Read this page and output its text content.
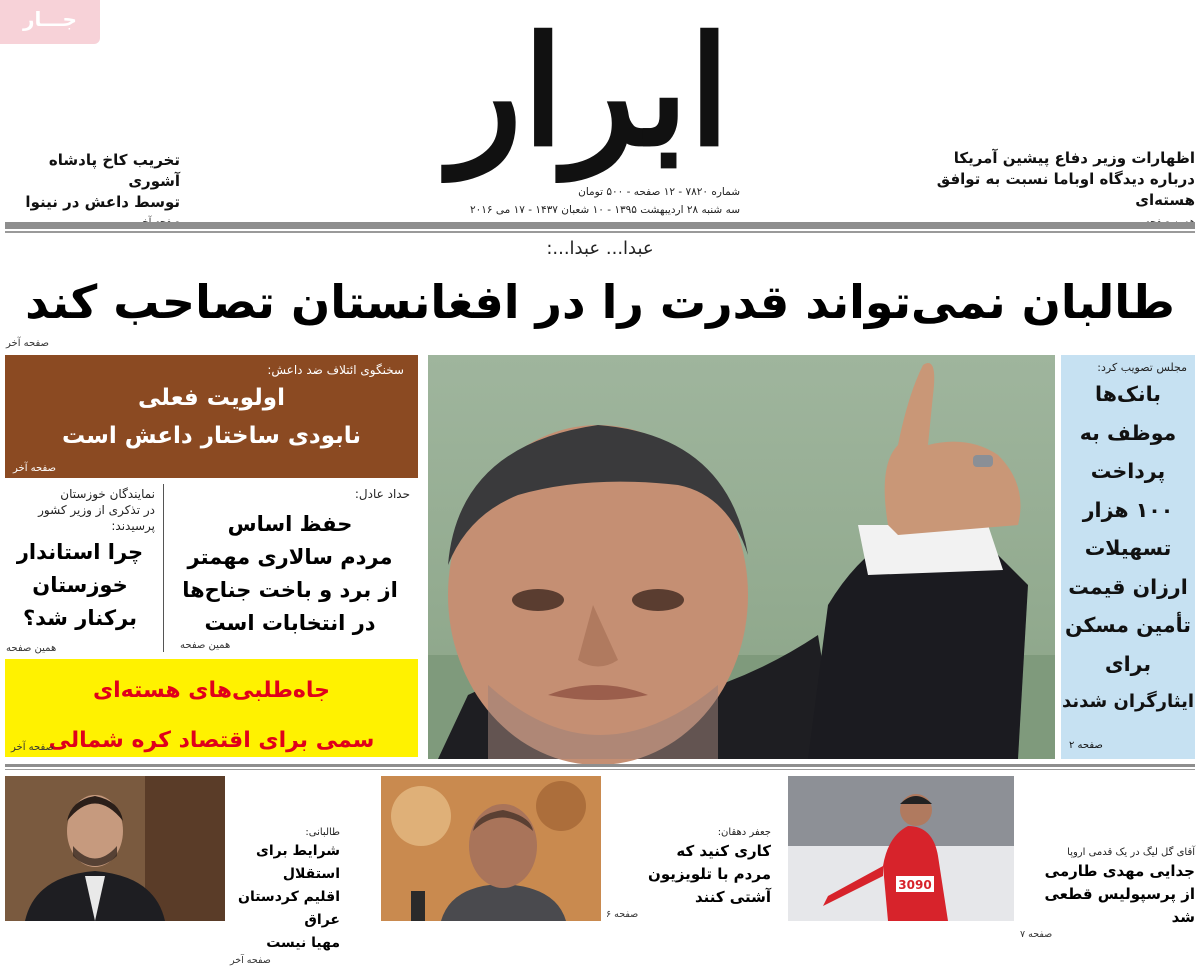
جـــار ابرار
شماره ۷۸۲۰ - ۱۲ صفحه - ۵۰۰ تومان
سه شنبه ۲۸ اردیبهشت ۱۳۹۵ - ۱۰ شعبان ۱۴۳۷ - ۱۷ می ۲۰۱۶
اظهارات وزیر دفاع پیشین آمریکا
درباره دیدگاه اوباما نسبت به توافق هسته‌ای
تخریب کاخ پادشاه آشوری
توسط داعش در نینوا
عبدا... عبدا...:
طالبان نمی‌تواند قدرت را در افغانستان تصاحب کند
صفحه آخر
سخنگوی ائتلاف ضد داعش:
اولویت فعلی
نابودی ساختار داعش است
صفحه آخر
حداد عادل:
حفظ اساس
مردم سالاری مهمتر
از برد و باخت جناح‌ها
در انتخابات است
همین صفحه
نمایندگان خوزستان
در تذکری از وزیر کشور
پرسیدند:
چرا استاندار
خوزستان
برکنار شد؟
همین صفحه
جاه‌طلبی‌های هسته‌ای
سمی برای اقتصاد کره شمالی
صفحه آخر
مجلس تصویب کرد:
بانک‌ها
موظف به
پرداخت
۱۰۰ هزار
تسهیلات
ارزان قیمت
تأمین مسکن
برای
ایثارگران شدند
صفحه ۲
3090
آقای گل لیگ در یک قدمی اروپا
جدایی مهدی طارمی
از پرسپولیس قطعی شد
صفحه ۷
جعفر دهقان:
کاری کنید که
مردم با تلویزیون
آشتی کنند
صفحه ۶
طالبانی:
شرایط برای استقلال
اقلیم کردستان عراق
مهیا نیست
صفحه آخر
